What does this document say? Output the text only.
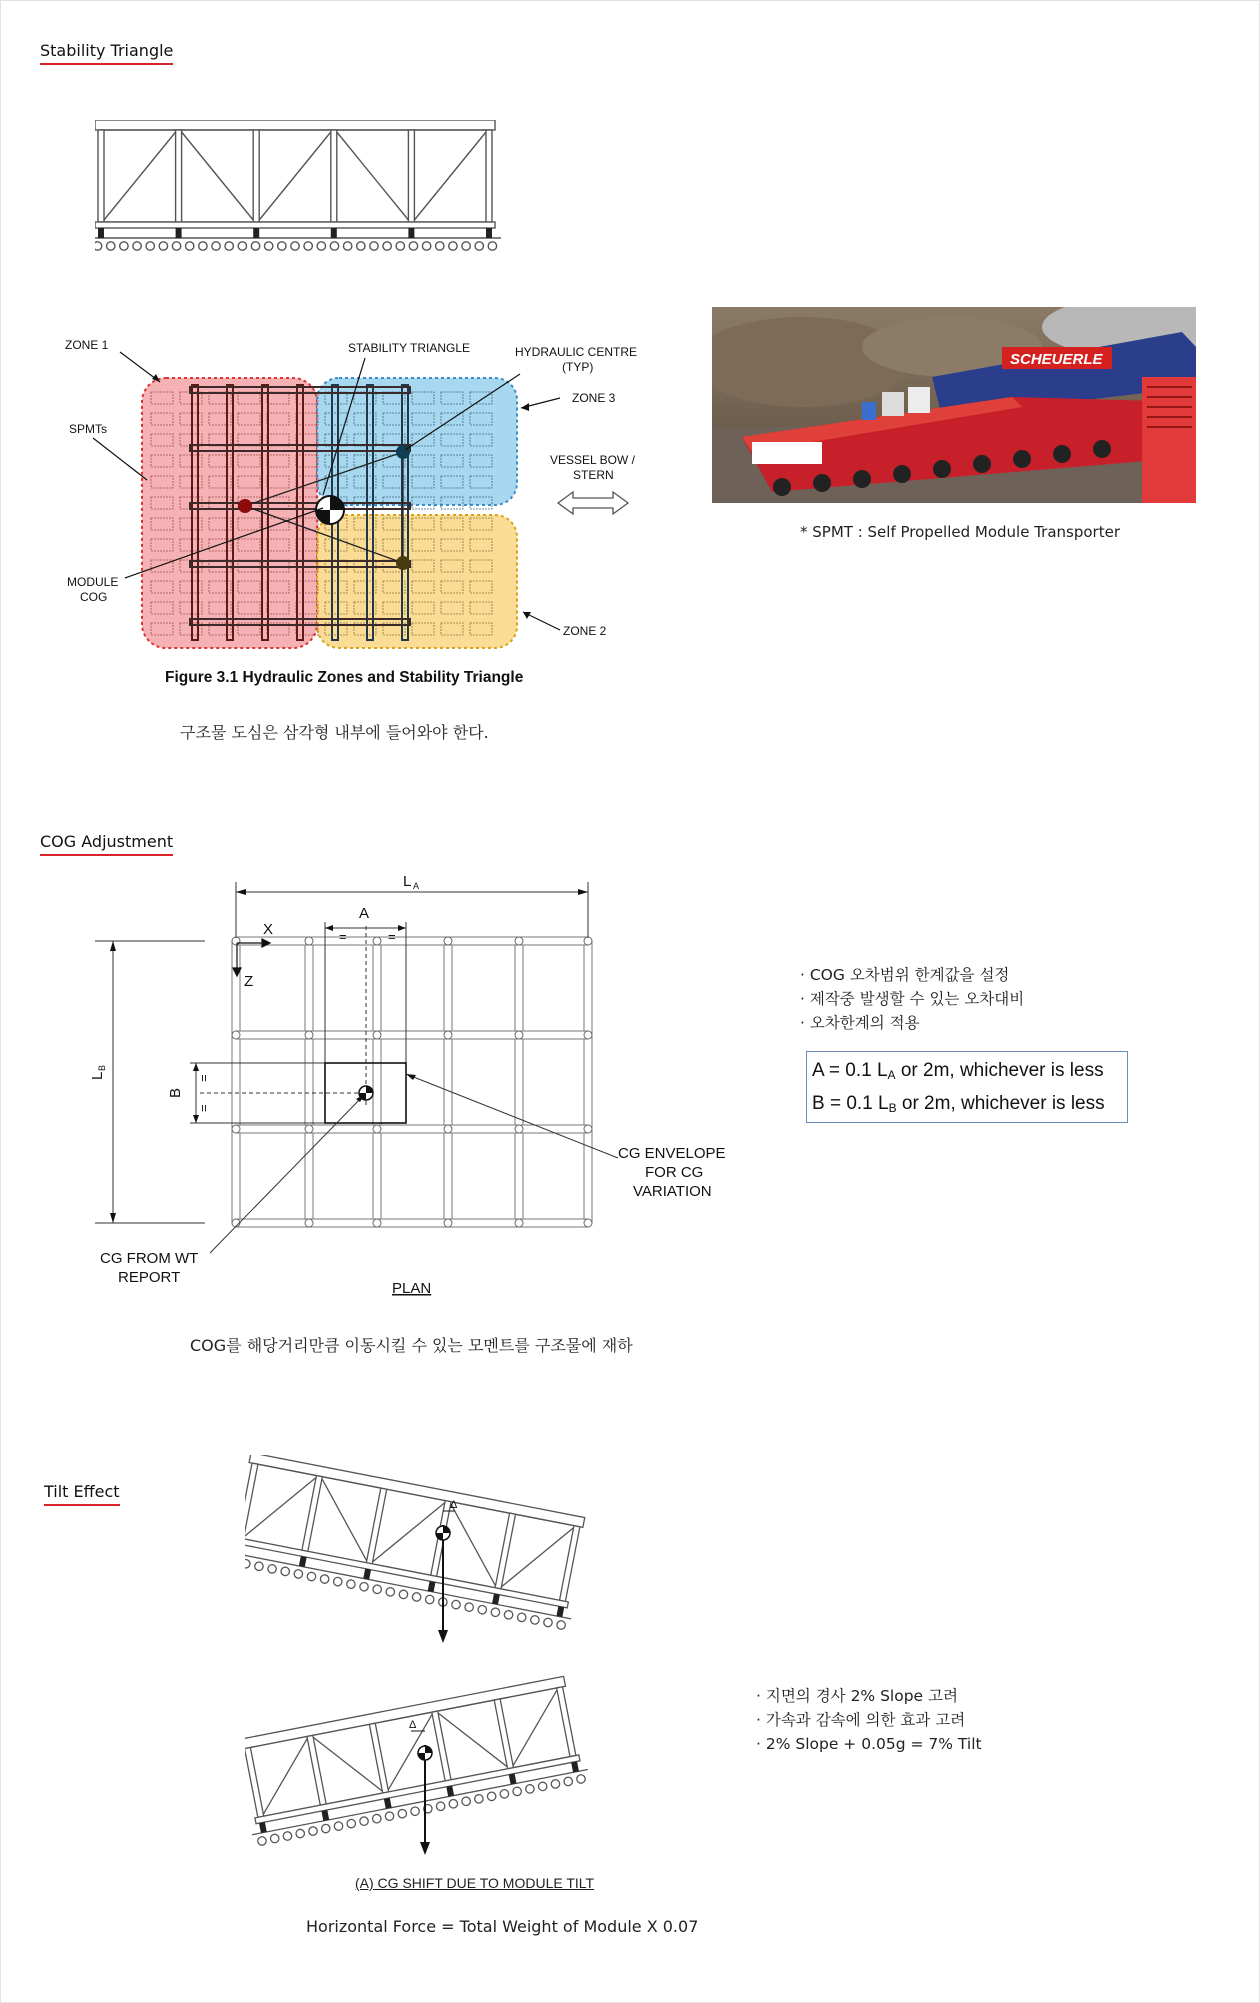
Stability Triangle
ZONE 1
SPMTs
MODULE
COG
STABILITY TRIANGLE	HYDRAULIC CENTRE
(TYP)
ZONE 3
VESSEL BOW /
STERN
ZONE 2
Figure 3.1 Hydraulic Zones and Stability Triangle
구조물 도심은 삼각형 내부에 들어와야 한다.
SCHEUERLE
* SPMT : Self Propelled Module Transporter
COG Adjustment
L A
A
=	=
X
Z
L
B
B
=
=
CG ENVELOPE
FOR CG
VARIATION
CG FROM WT
REPORT
PLAN
· COG 오차범위 한계값을 설정
· 제작중 발생할 수 있는 오차대비
· 오차한계의 적용
A = 0.1 $L_A$ or 2m, whichever is less
B = 0.1 $L_B$ or 2m, whichever is less
COG를 해당거리만큼 이동시킬 수 있는 모멘트를 구조물에 재하
Tilt Effect
Δ
Δ
· 지면의 경사 2% Slope 고려
· 가속과 감속에 의한 효과 고려
· 2% Slope + 0.05g = 7% Tilt
(A) CG SHIFT DUE TO MODULE TILT
Horizontal Force = Total Weight of Module X 0.07
